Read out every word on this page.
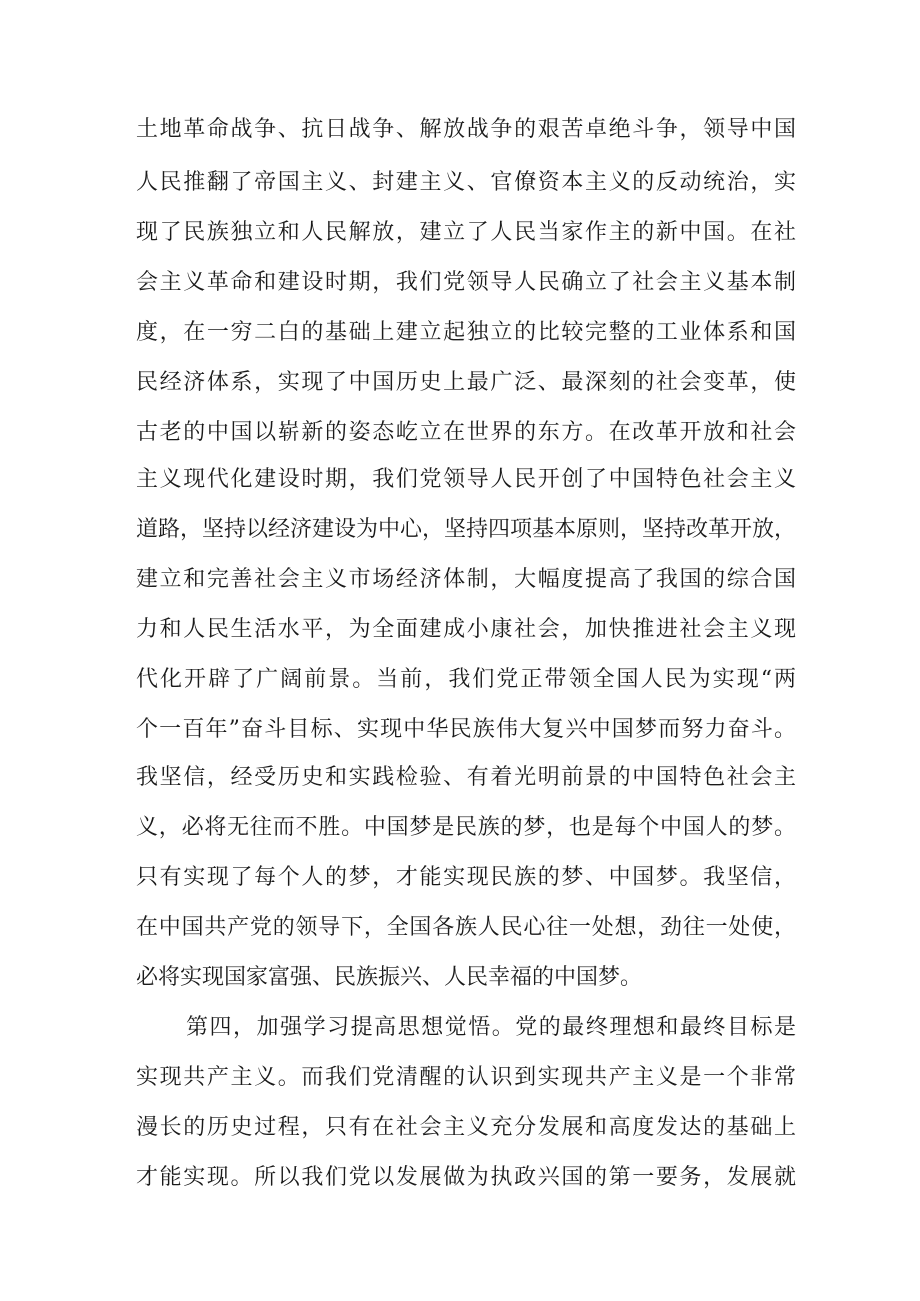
土地革命战争、抗日战争、解放战争的艰苦卓绝斗争，领导中国
人民推翻了帝国主义、封建主义、官僚资本主义的反动统治，实
现了民族独立和人民解放，建立了人民当家作主的新中国。在社
会主义革命和建设时期，我们党领导人民确立了社会主义基本制
度，在一穷二白的基础上建立起独立的比较完整的工业体系和国
民经济体系，实现了中国历史上最广泛、最深刻的社会变革，使
古老的中国以崭新的姿态屹立在世界的东方。在改革开放和社会
主义现代化建设时期，我们党领导人民开创了中国特色社会主义
道路，坚持以经济建设为中心，坚持四项基本原则，坚持改革开放，
建立和完善社会主义市场经济体制，大幅度提高了我国的综合国
力和人民生活水平，为全面建成小康社会，加快推进社会主义现
代化开辟了广阔前景。当前，我们党正带领全国人民为实现“两
个一百年”奋斗目标、实现中华民族伟大复兴中国梦而努力奋斗。
我坚信，经受历史和实践检验、有着光明前景的中国特色社会主
义，必将无往而不胜。中国梦是民族的梦，也是每个中国人的梦。
只有实现了每个人的梦，才能实现民族的梦、中国梦。我坚信，
在中国共产党的领导下，全国各族人民心往一处想，劲往一处使，
必将实现国家富强、民族振兴、人民幸福的中国梦。
第四，加强学习提高思想觉悟。党的最终理想和最终目标是
实现共产主义。而我们党清醒的认识到实现共产主义是一个非常
漫长的历史过程，只有在社会主义充分发展和高度发达的基础上
才能实现。所以我们党以发展做为执政兴国的第一要务，发展就
